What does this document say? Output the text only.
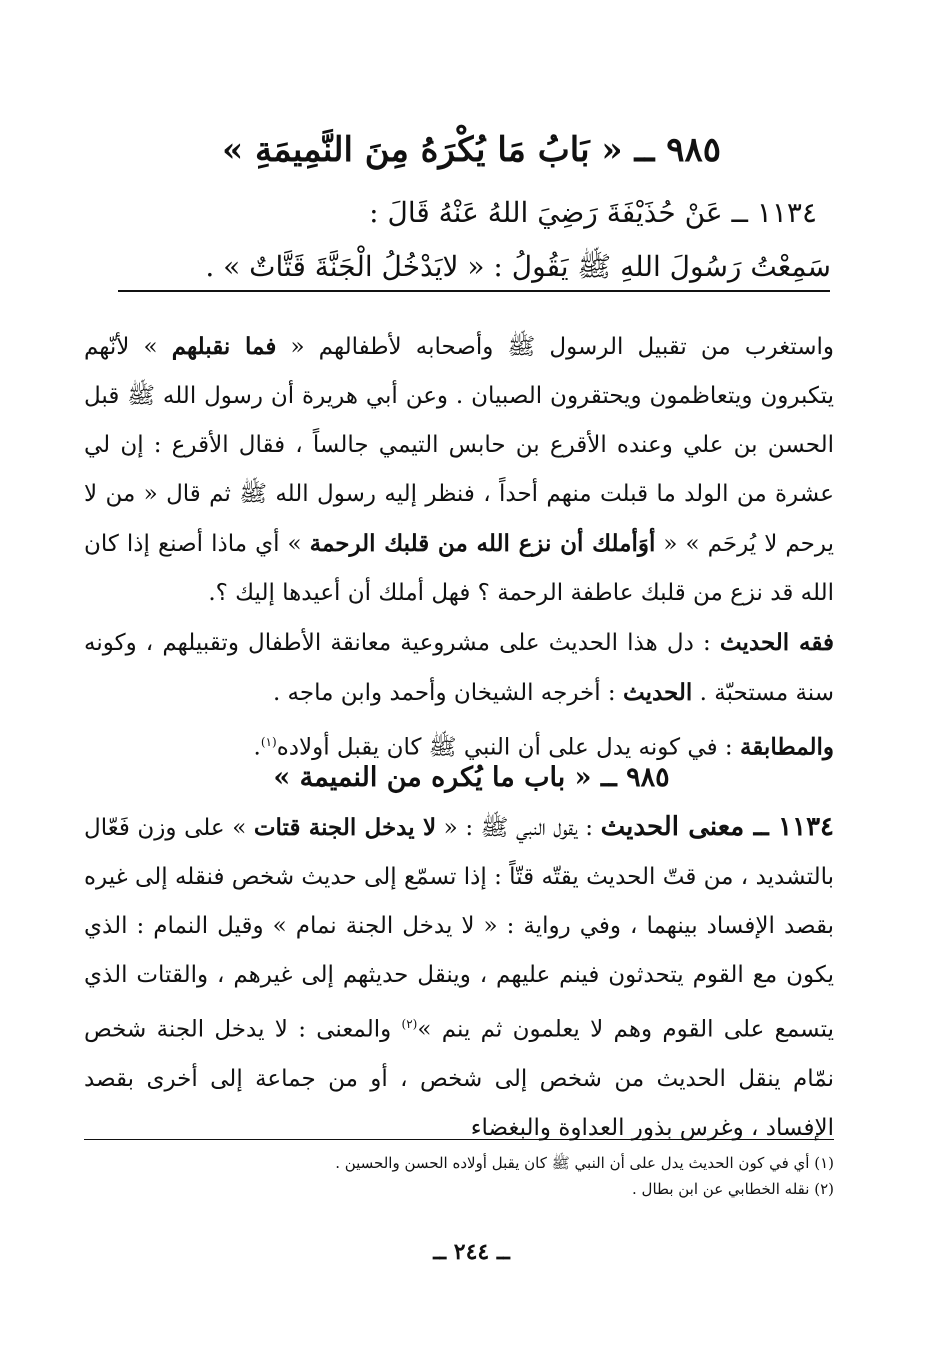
٩٨٥ ــ « بَابُ مَا يُكْرَهُ مِنَ النَّمِيمَةِ »
١١٣٤ ــ عَنْ حُذَيْفَةَ رَضِيَ اللهُ عَنْهُ قَالَ :
سَمِعْتُ رَسُولَ اللهِ ﷺ يَقُولُ : « لايَدْخُلُ الْجَنَّةَ قَتَّاتٌ » .

واستغرب من تقبيل الرسول ﷺ وأصحابه لأطفالهم « فما نقبلهم » لأنّهم يتكبرون ويتعاظمون ويحتقرون الصبيان . وعن أبي هريرة أن رسول الله ﷺ قبل الحسن بن علي وعنده الأقرع بن حابس التيمي جالساً ، فقال الأقرع : إن لي عشرة من الولد ما قبلت منهم أحداً ، فنظر إليه رسول الله ﷺ ثم قال « من لا يرحم لا يُرحَم » « أوَأملك أن نزع الله من قلبك الرحمة » أي ماذا أصنع إذا كان الله قد نزع من قلبك عاطفة الرحمة ؟ فهل أملك أن أعيدها إليك ؟.

فقه الحديث : دل هذا الحديث على مشروعية معانقة الأطفال وتقبيلهم ، وكونه سنة مستحبّة . الحديث : أخرجه الشيخان وأحمد وابن ماجه .

والمطابقة : في كونه يدل على أن النبي ﷺ كان يقبل أولاده$^{(١)}$.

٩٨٥ ــ « باب ما يُكره من النميمة »

١١٣٤ ــ معنى الحديث : يقول النبي ﷺ : « لا يدخل الجنة قتات » على وزن فَعّال بالتشديد ، من قتّ الحديث يقتّه قتّاً : إذا تسمّع إلى حديث شخص فنقله إلى غيره بقصد الإفساد بينهما ، وفي رواية : « لا يدخل الجنة نمام » وقيل النمام : الذي يكون مع القوم يتحدثون فينم عليهم ، وينقل حديثهم إلى غيرهم ، والقتات الذي يتسمع على القوم وهم لا يعلمون ثم ينم »$^{(٢)}$ والمعنى : لا يدخل الجنة شخص نمّام ينقل الحديث من شخص إلى شخص ، أو من جماعة إلى أخرى بقصد الإفساد ، وغرس بذور العداوة والبغضاء

(١) أي في كون الحديث يدل على أن النبي ﷺ كان يقبل أولاده الحسن والحسين .
(٢) نقله الخطابي عن ابن بطال .
ــ ٢٤٤ ــ
